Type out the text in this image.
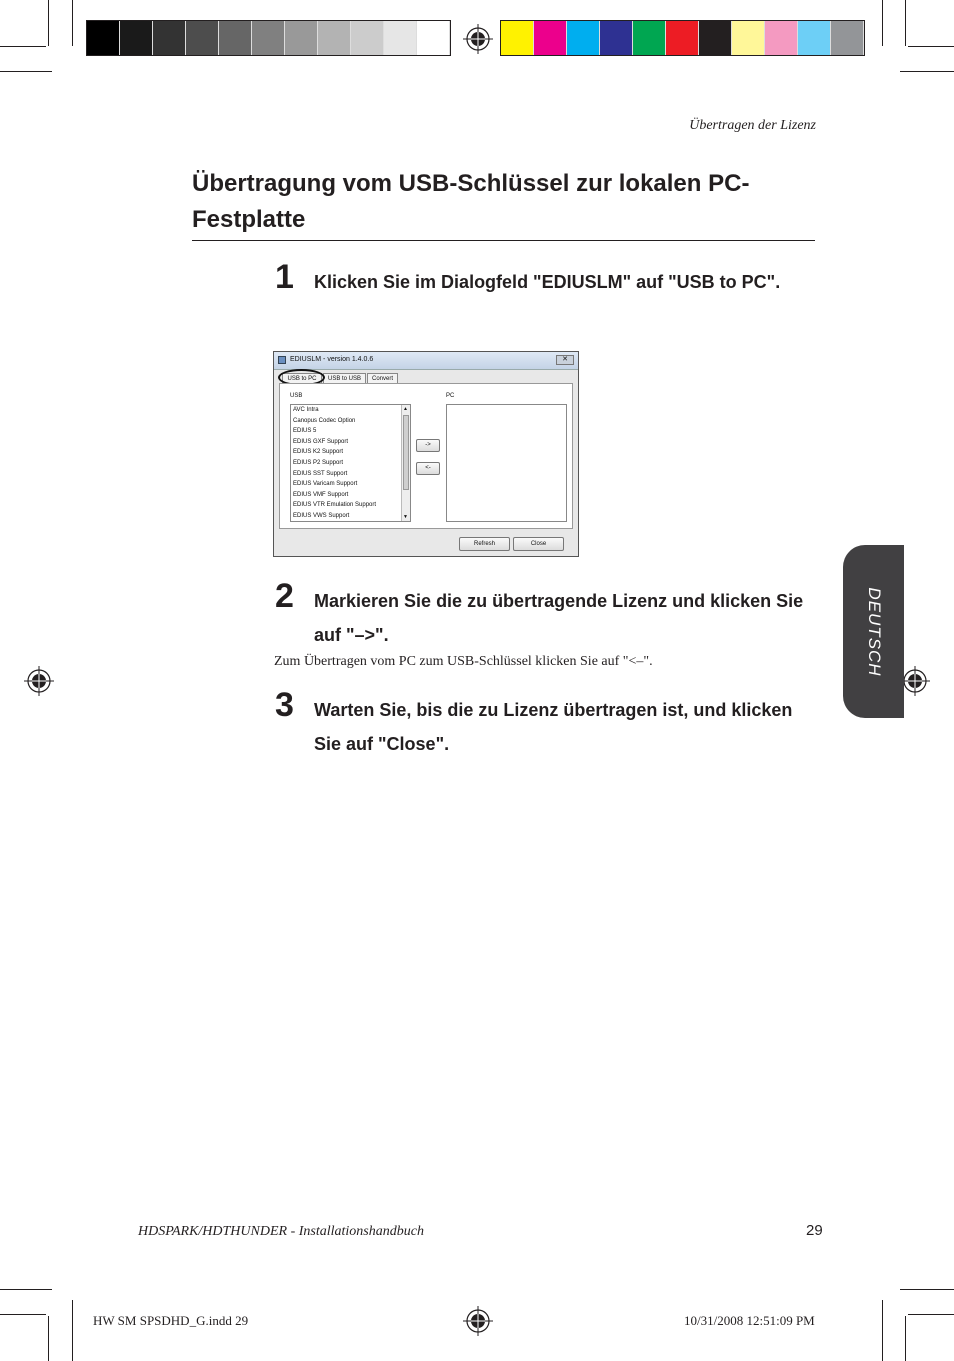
Übertragen der Lizenz
Übertragung vom USB-Schlüssel zur lokalen PC-Festplatte
1 Klicken Sie im Dialogfeld "EDIUSLM" auf "USB to PC".
EDIUSLM - version 1.4.0.6	✕
USB to PC	USB to USB	Convert
USB	PC
AVC Intra
Canopus Codec Option
EDIUS 5
EDIUS GXF Support
EDIUS K2 Support
EDIUS P2 Support
EDIUS SST Support
EDIUS Varicam Support
EDIUS VMF Support
EDIUS VTR Emulation Support
EDIUS VWS Support
▲
▼
->
<-
Refresh	Close
2 Markieren Sie die zu übertragende Lizenz und klicken Sie auf "–>".
Zum Übertragen vom PC zum USB-Schlüssel klicken Sie auf "<–".
3 Warten Sie, bis die zu Lizenz übertragen ist, und klicken Sie auf "Close".
DEUTSCH
HDSPARK/HDTHUNDER - Installationshandbuch	29
HW SM SPSDHD_G.indd 29	10/31/2008 12:51:09 PM
